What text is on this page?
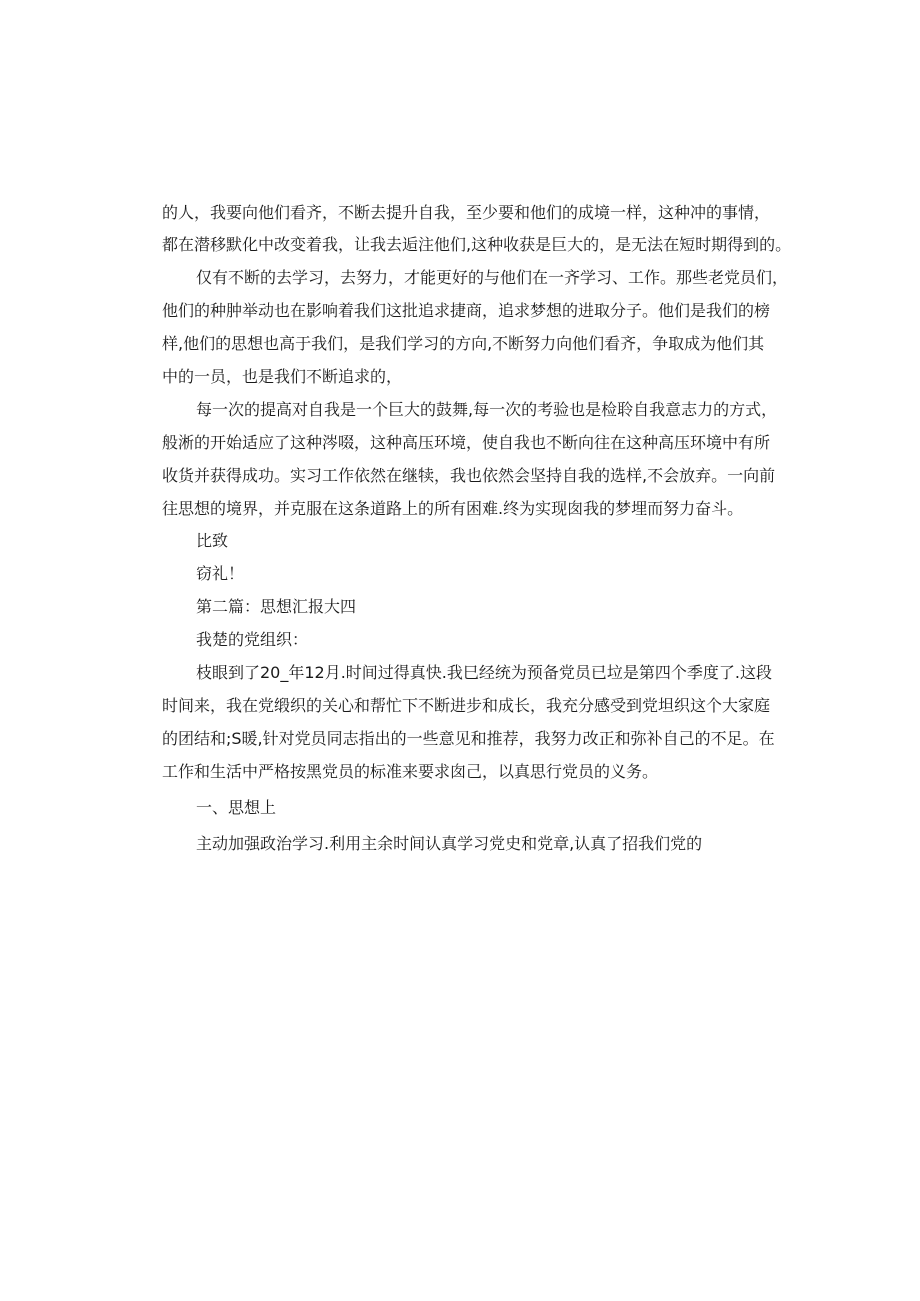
的人，我要向他们看齐，不断去提升自我，至少要和他们的成境一样，这种冲的事情，
都在潜移默化中改变着我，让我去逅注他们,这种收获是巨大的，是无法在短时期得到的。
仅有不断的去学习，去努力，才能更好的与他们在一齐学习、工作。那些老党员们，
他们的种肿举动也在影响着我们这批追求捷商，追求梦想的进取分子。他们是我们的榜
样,他们的思想也高于我们，是我们学习的方向,不断努力向他们看齐，争取成为他们其
中的一员，也是我们不断追求的，
每一次的提高对自我是一个巨大的鼓舞,每一次的考验也是检聆自我意志力的方式，
般淅的开始适应了这种涔啜，这种高压环境，使自我也不断向往在这种高压环境中有所
收货并获得成功。实习工作依然在继犊，我也依然会坚持自我的选样,不会放弃。一向前
往思想的境界，并克服在这条道路上的所有困难.终为实现囱我的梦埋而努力奋斗。
比致
窃礼！
第二篇：思想汇报大四
我楚的党组织：
枝眼到了20_年12月.时间过得真快.我巳经统为预备党员已垃是第四个季度了.这段
时间来，我在党缎织的关心和帮忙下不断进步和成长，我充分感受到党坦织这个大家庭
的团结和;S暖,针对党员同志指出的一些意见和推荐，我努力改正和弥补自己的不足。在
工作和生活中严格按黑党员的标准来要求囱己，以真思行党员的义务。
一、思想上
主动加强政治学习.利用主余时间认真学习党史和党章,认真了招我们党的
